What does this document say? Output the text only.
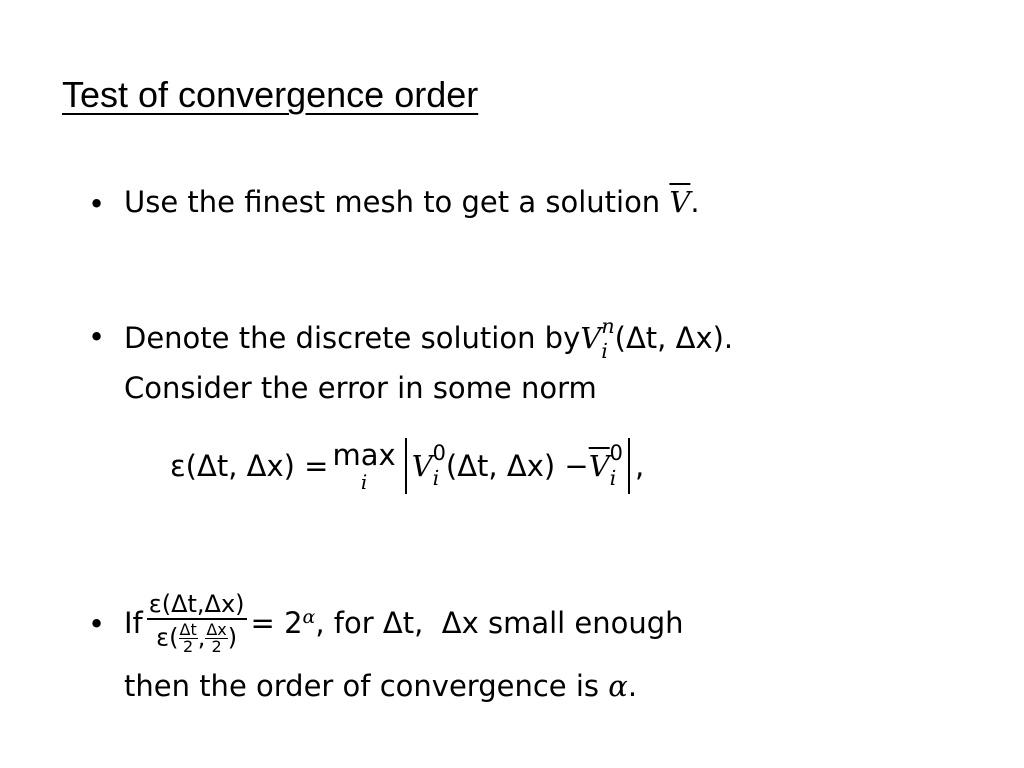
Test of convergence order
• Use the finest mesh to get a solution $\overline{V}$.
• Denote the discrete solution by V n
i (Δt, Δx).
Consider the error in some norm
ε(Δt, Δx) = max
i V 0
i (Δt, $\Delta x) - \overline{V}$ 0
i ,
• If $\frac{\varepsilon(\Delta t,\Delta x)}{\varepsilon( \frac{\Delta t}{2} , \frac{\Delta x}{2} )} = 2^\alpha$ , for Δt,  Δx small enough
then the order of convergence is α.
